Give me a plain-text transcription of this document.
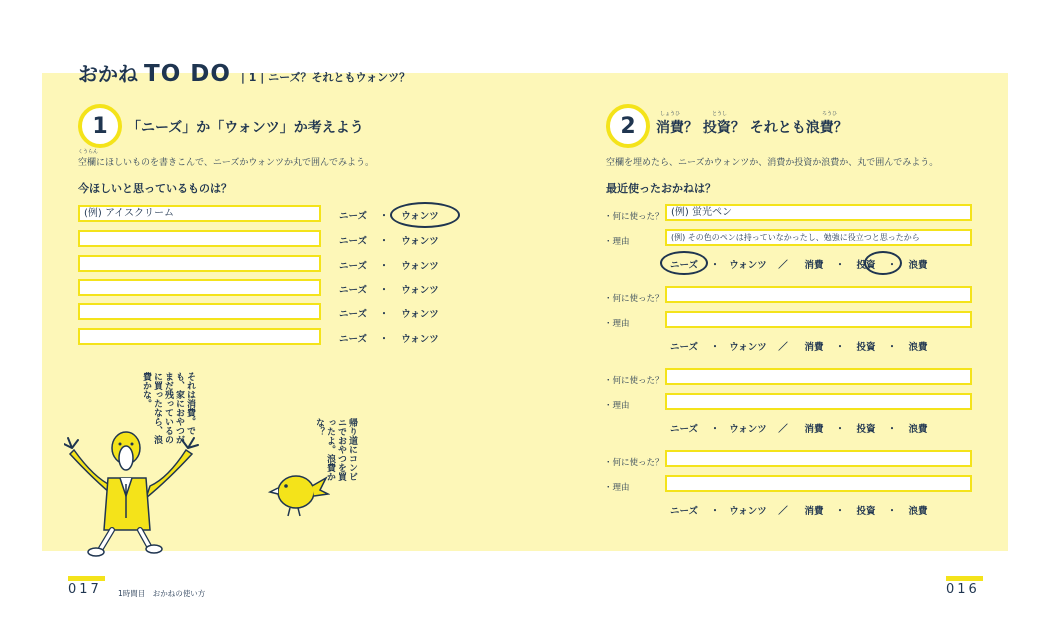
おかね TO DO | 1 | ニーズ？それともウォンツ？
1	「ニーズ」か「ウォンツ」か考えよう
くうらん
空欄にほしいものを書きこんで、ニーズかウォンツか丸で囲んでみよう。
今ほしいと思っているものは？
(例) アイスクリーム	ニーズ	・	ウォンツ
ニーズ	・	ウォンツ
ニーズ	・	ウォンツ
ニーズ	・	ウォンツ
ニーズ	・	ウォンツ
ニーズ	・	ウォンツ
それは消費。でも、家におやつがまだ残っているのに買ったなら、浪費かな。
帰り道にコンビニでおやつを買ったよ。浪費かな？
2	しょうひ	とうし	ろうひ
消費？ 投資？ それとも浪費？
空欄を埋めたら、ニーズかウォンツか、消費か投資か浪費か、丸で囲んでみよう。
最近使ったおかねは？
・何に使った？ (例) 蛍光ペン
・理由	(例) その色のペンは持っていなかったし、勉強に役立つと思ったから
ニーズ	・ ウォンツ	／	消費	・	投資	・	浪費
・何に使った？
・理由
ニーズ	・ ウォンツ	／	消費	・	投資	・	浪費
・何に使った？
・理由
ニーズ	・ ウォンツ	／	消費	・	投資	・	浪費
・何に使った？
・理由
ニーズ	・ ウォンツ	／	消費	・	投資	・	浪費
017 1時間目　おかねの使い方	016
